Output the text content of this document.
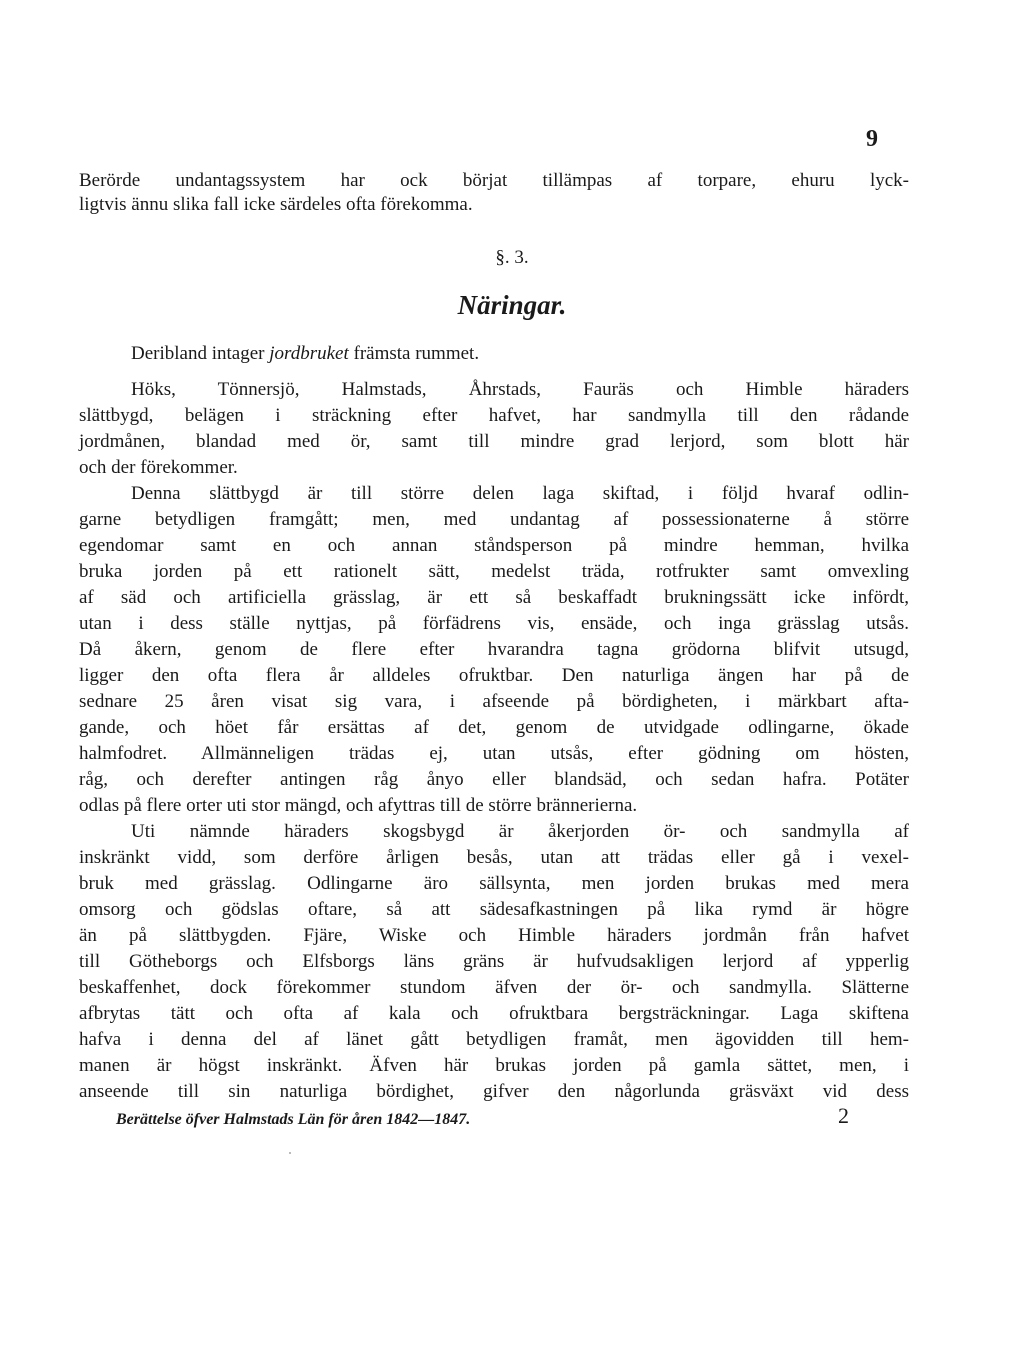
9
Berörde undantagssystem har ock börjat tillämpas af torpare, ehuru lyck-
ligtvis ännu slika fall icke särdeles ofta förekomma.
§. 3.
Näringar.
Deribland intager jordbruket främsta rummet.
Höks, Tönnersjö, Halmstads, Åhrstads, Fauräs och Himble häraders
slättbygd, belägen i sträckning efter hafvet, har sandmylla till den rådande
jordmånen, blandad med ör, samt till mindre grad lerjord, som blott här
och der förekommer.
Denna slättbygd är till större delen laga skiftad, i följd hvaraf odlin-
garne betydligen framgått; men, med undantag af possessionaterne å större
egendomar samt en och annan ståndsperson på mindre hemman, hvilka
bruka jorden på ett rationelt sätt, medelst träda, rotfrukter samt omvexling
af säd och artificiella grässlag, är ett så beskaffadt brukningssätt icke infördt,
utan i dess ställe nyttjas, på förfädrens vis, ensäde, och inga grässlag utsås.
Då åkern, genom de flere efter hvarandra tagna grödorna blifvit utsugd,
ligger den ofta flera år alldeles ofruktbar. Den naturliga ängen har på de
sednare 25 åren visat sig vara, i afseende på bördigheten, i märkbart afta-
gande, och höet får ersättas af det, genom de utvidgade odlingarne, ökade
halmfodret. Allmänneligen trädas ej, utan utsås, efter gödning om hösten,
råg, och derefter antingen råg ånyo eller blandsäd, och sedan hafra. Potäter
odlas på flere orter uti stor mängd, och afyttras till de större brännerierna.
Uti nämnde häraders skogsbygd är åkerjorden ör- och sandmylla af
inskränkt vidd, som derföre årligen besås, utan att trädas eller gå i vexel-
bruk med grässlag. Odlingarne äro sällsynta, men jorden brukas med mera
omsorg och gödslas oftare, så att sädesafkastningen på lika rymd är högre
än på slättbygden. Fjäre, Wiske och Himble häraders jordmån från hafvet
till Götheborgs och Elfsborgs läns gräns är hufvudsakligen lerjord af ypperlig
beskaffenhet, dock förekommer stundom äfven der ör- och sandmylla. Slätterne
afbrytas tätt och ofta af kala och ofruktbara bergsträckningar. Laga skiftena
hafva i denna del af länet gått betydligen framåt, men ägovidden till hem-
manen är högst inskränkt. Äfven här brukas jorden på gamla sättet, men, i
anseende till sin naturliga bördighet, gifver den någorlunda gräsväxt vid dess
Berättelse öfver Halmstads Län för åren 1842—1847.	2
